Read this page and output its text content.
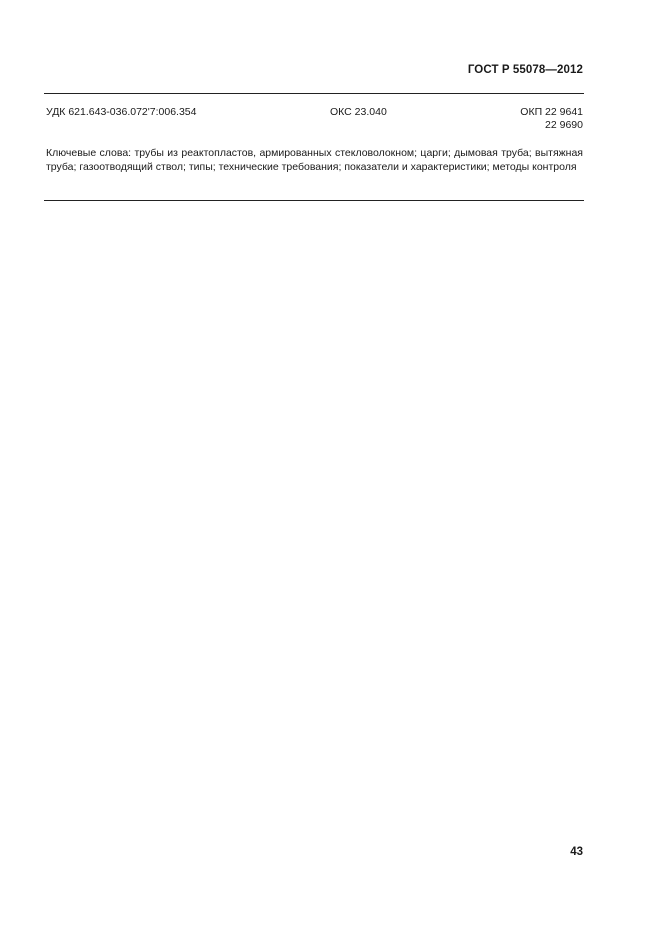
ГОСТ Р 55078—2012
УДК 621.643-036.072'7:006.354	ОКС 23.040	ОКП 22 9641
22 9690
Ключевые слова: трубы из реактопластов, армированных стекловолокном; царги; дымовая труба; вытяжная труба; газоотводящий ствол; типы; технические требования; показатели и характеристики; методы контроля
43
